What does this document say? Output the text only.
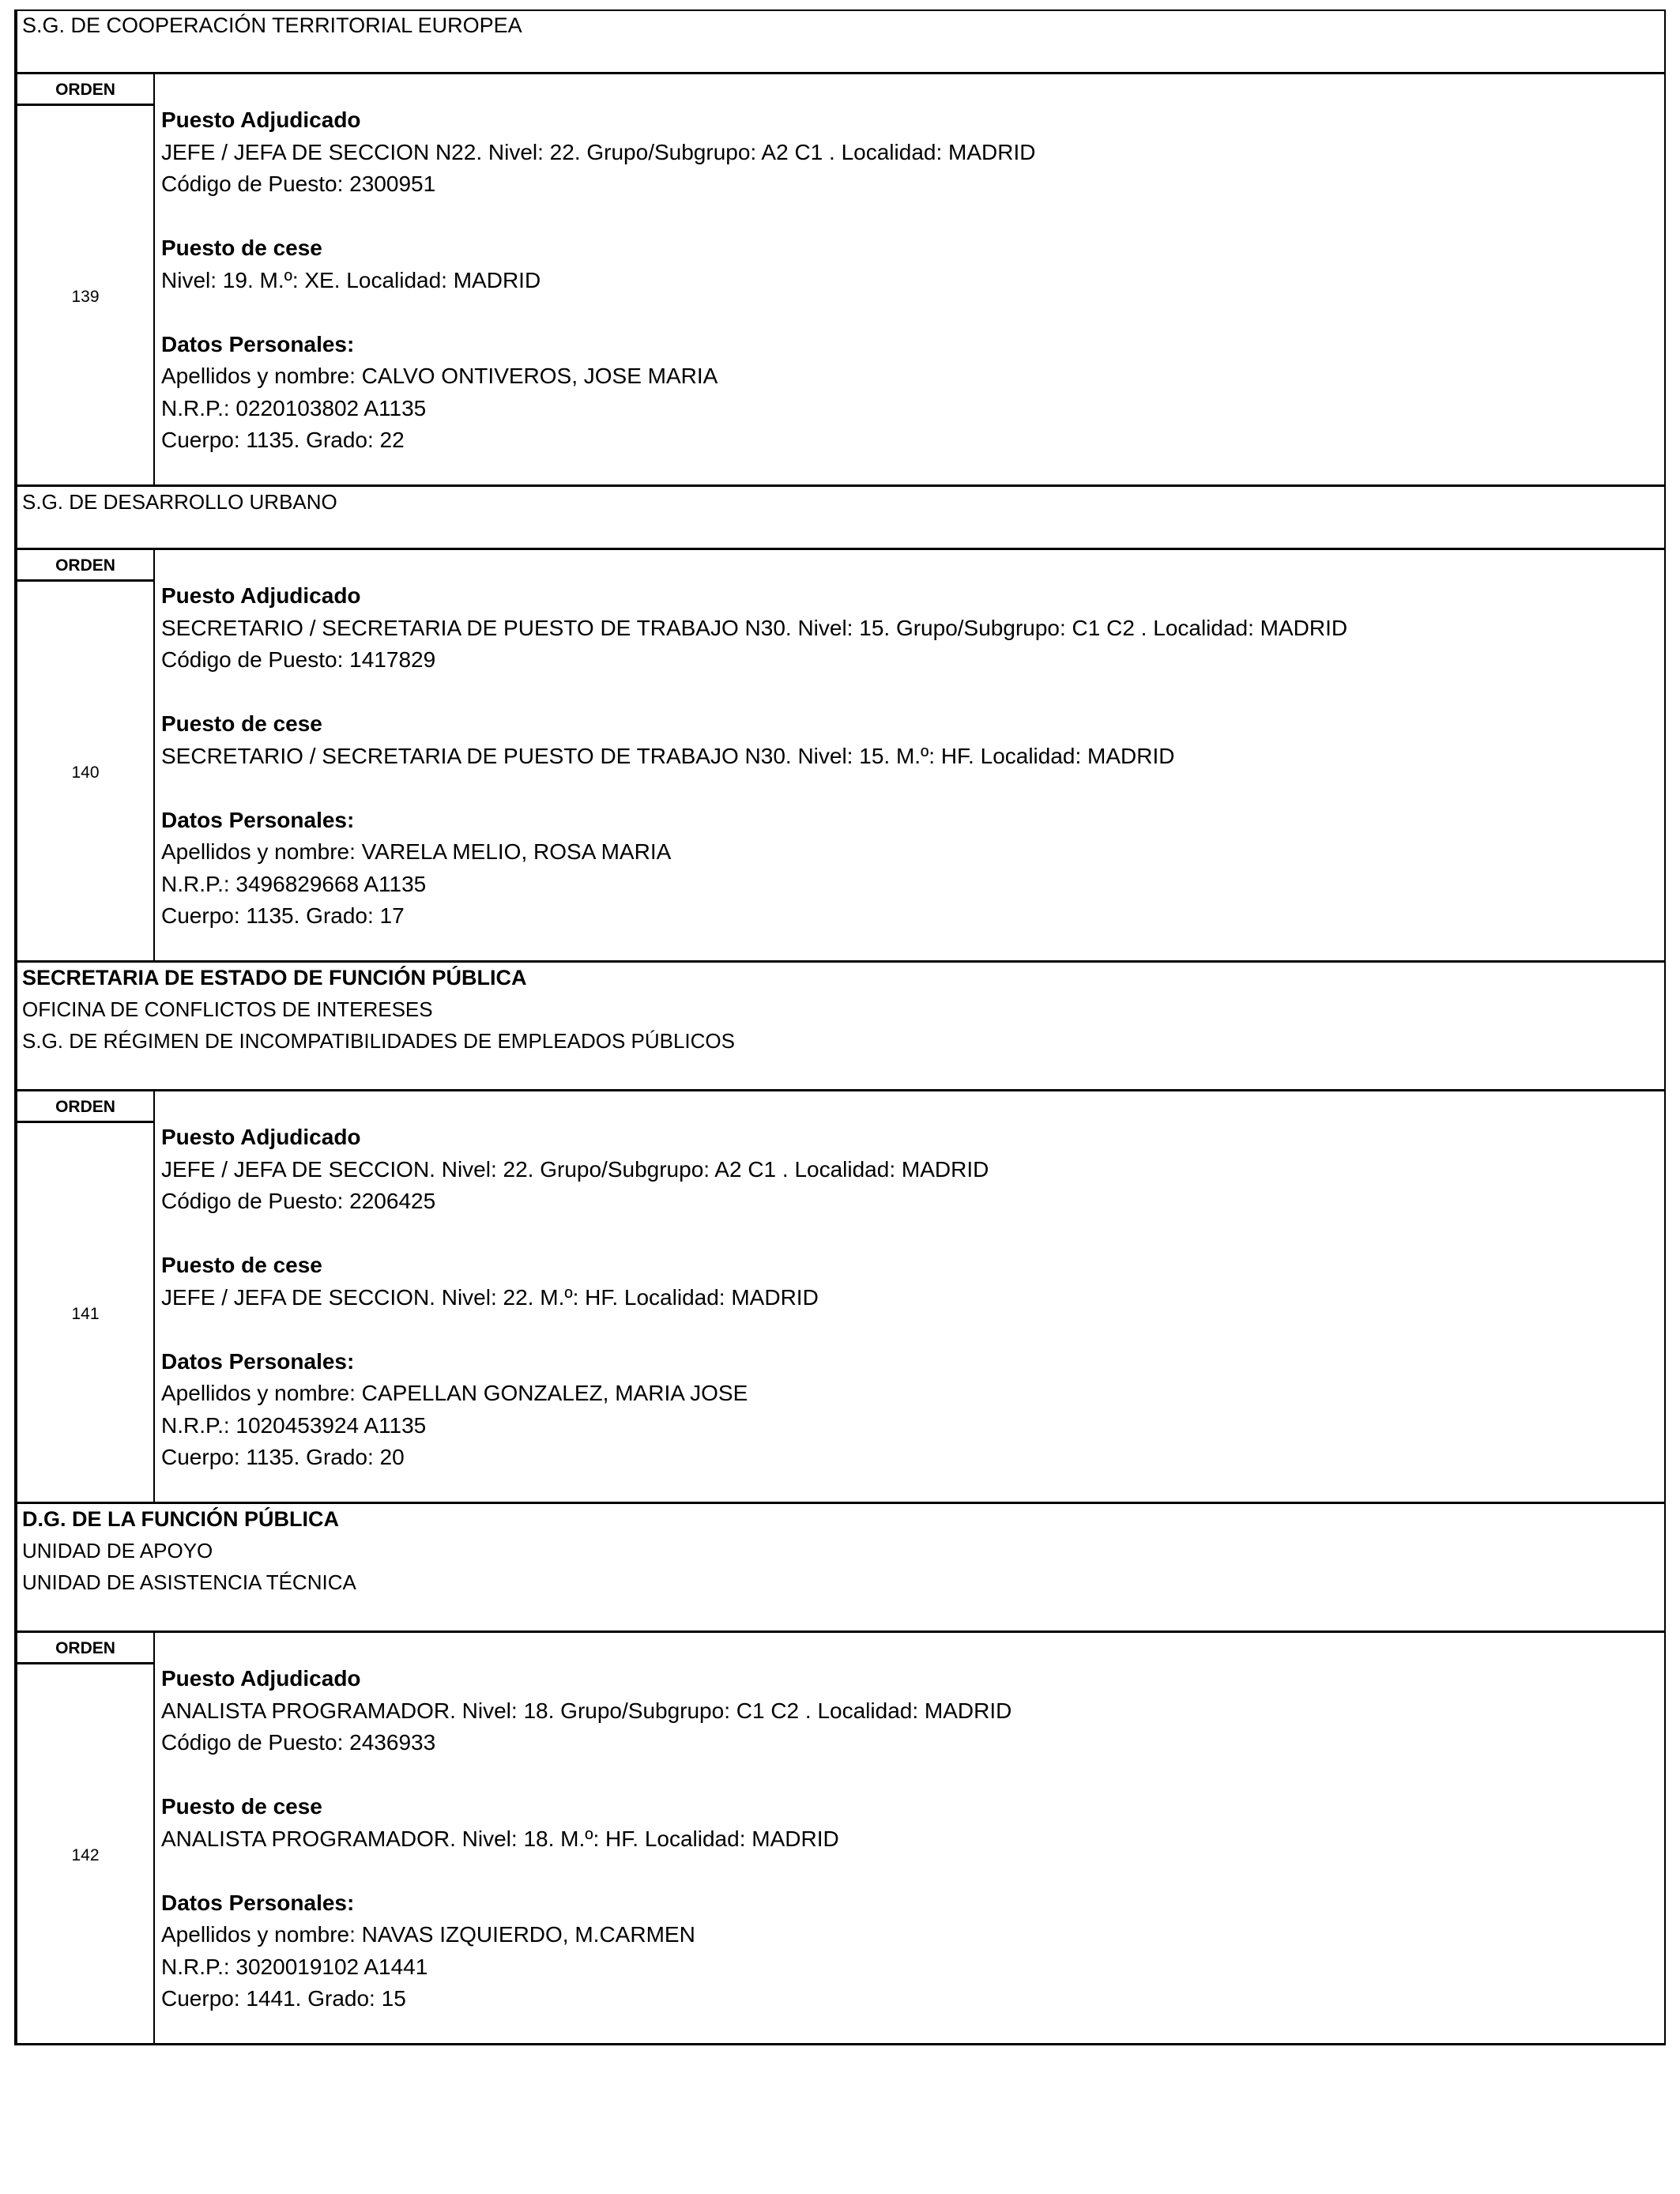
S.G. DE COOPERACIÓN TERRITORIAL EUROPEA
ORDEN
139
Puesto Adjudicado
JEFE / JEFA DE SECCION N22. Nivel: 22. Grupo/Subgrupo: A2 C1 . Localidad: MADRID
Código de Puesto: 2300951
Puesto de cese
Nivel: 19. M.º: XE. Localidad: MADRID
Datos Personales:
Apellidos y nombre: CALVO ONTIVEROS, JOSE MARIA
N.R.P.: 0220103802 A1135
Cuerpo: 1135. Grado: 22
S.G. DE DESARROLLO URBANO
ORDEN
140
Puesto Adjudicado
SECRETARIO / SECRETARIA DE PUESTO DE TRABAJO N30. Nivel: 15. Grupo/Subgrupo: C1 C2 . Localidad: MADRID
Código de Puesto: 1417829
Puesto de cese
SECRETARIO / SECRETARIA DE PUESTO DE TRABAJO N30. Nivel: 15. M.º: HF. Localidad: MADRID
Datos Personales:
Apellidos y nombre: VARELA MELIO, ROSA MARIA
N.R.P.: 3496829668 A1135
Cuerpo: 1135. Grado: 17
SECRETARIA DE ESTADO DE FUNCIÓN PÚBLICA
OFICINA DE CONFLICTOS DE INTERESES
S.G. DE RÉGIMEN DE INCOMPATIBILIDADES DE EMPLEADOS PÚBLICOS
ORDEN
141
Puesto Adjudicado
JEFE / JEFA DE SECCION. Nivel: 22. Grupo/Subgrupo: A2 C1 . Localidad: MADRID
Código de Puesto: 2206425
Puesto de cese
JEFE / JEFA DE SECCION. Nivel: 22. M.º: HF. Localidad: MADRID
Datos Personales:
Apellidos y nombre: CAPELLAN GONZALEZ, MARIA JOSE
N.R.P.: 1020453924 A1135
Cuerpo: 1135. Grado: 20
D.G. DE LA FUNCIÓN PÚBLICA
UNIDAD DE APOYO
UNIDAD DE ASISTENCIA TÉCNICA
ORDEN
142
Puesto Adjudicado
ANALISTA PROGRAMADOR. Nivel: 18. Grupo/Subgrupo: C1 C2 . Localidad: MADRID
Código de Puesto: 2436933
Puesto de cese
ANALISTA PROGRAMADOR. Nivel: 18. M.º: HF. Localidad: MADRID
Datos Personales:
Apellidos y nombre: NAVAS IZQUIERDO, M.CARMEN
N.R.P.: 3020019102 A1441
Cuerpo: 1441. Grado: 15
